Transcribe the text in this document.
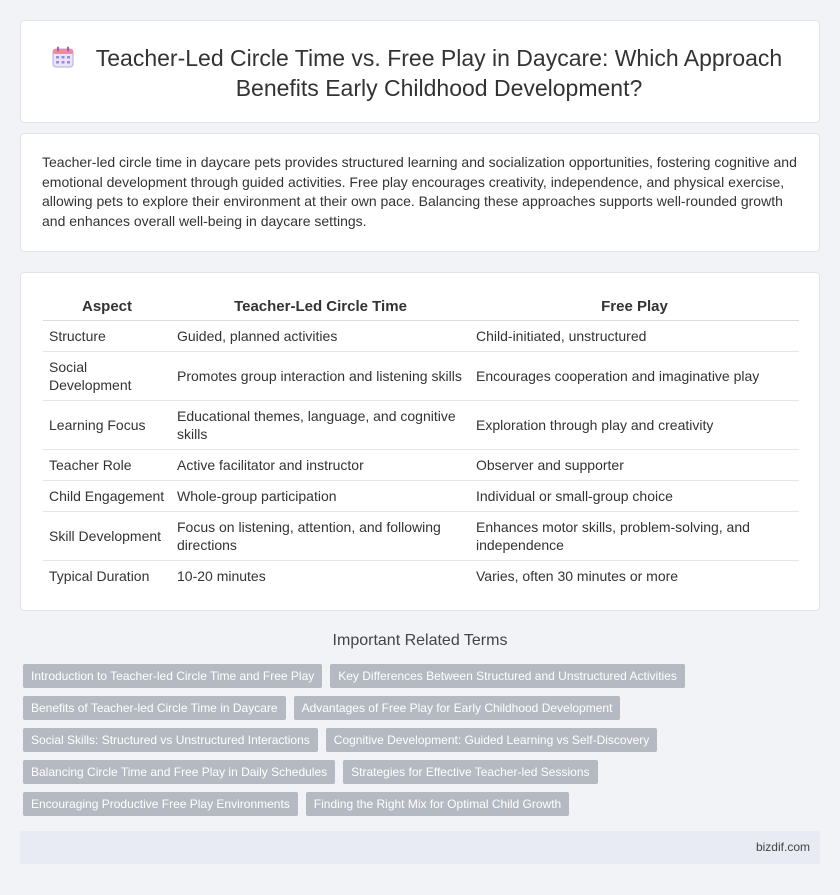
Teacher-Led Circle Time vs. Free Play in Daycare: Which Approach Benefits Early Childhood Development?

Teacher-led circle time in daycare pets provides structured learning and socialization opportunities, fostering cognitive and emotional development through guided activities. Free play encourages creativity, independence, and physical exercise, allowing pets to explore their environment at their own pace. Balancing these approaches supports well-rounded growth and enhances overall well-being in daycare settings.

Aspect	Teacher-Led Circle Time	Free Play
Structure	Guided, planned activities	Child-initiated, unstructured
Social Development	Promotes group interaction and listening skills	Encourages cooperation and imaginative play
Learning Focus	Educational themes, language, and cognitive skills	Exploration through play and creativity
Teacher Role	Active facilitator and instructor	Observer and supporter
Child Engagement	Whole-group participation	Individual or small-group choice
Skill Development	Focus on listening, attention, and following directions	Enhances motor skills, problem-solving, and independence
Typical Duration	10-20 minutes	Varies, often 30 minutes or more
Important Related Terms
Introduction to Teacher-led Circle Time and Free Play	Key Differences Between Structured and Unstructured Activities
Benefits of Teacher-led Circle Time in Daycare	Advantages of Free Play for Early Childhood Development
Social Skills: Structured vs Unstructured Interactions	Cognitive Development: Guided Learning vs Self-Discovery
Balancing Circle Time and Free Play in Daily Schedules	Strategies for Effective Teacher-led Sessions
Encouraging Productive Free Play Environments	Finding the Right Mix for Optimal Child Growth
bizdif.com
